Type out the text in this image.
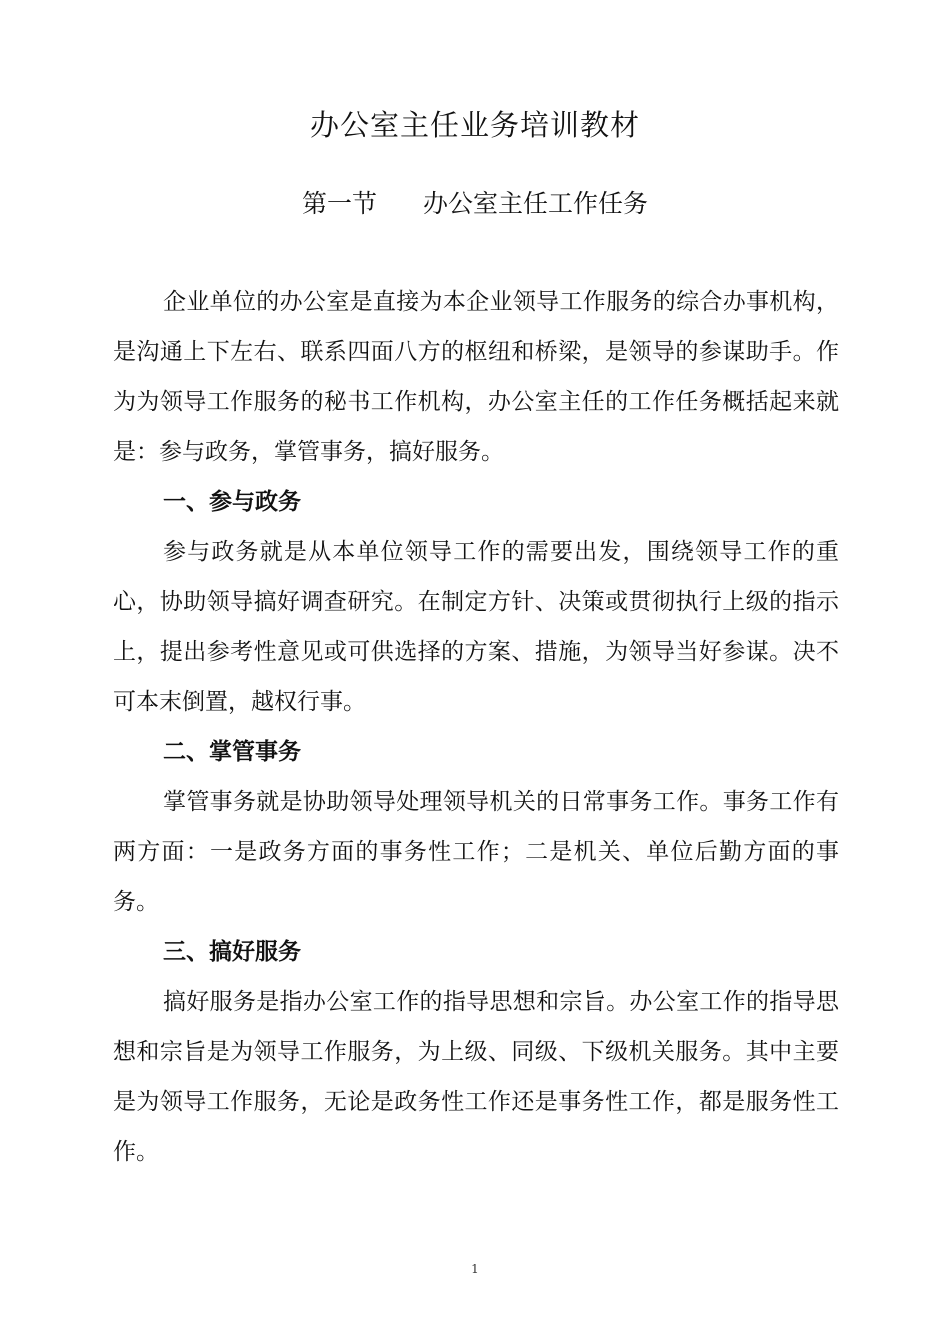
办公室主任业务培训教材
第一节 办公室主任工作任务

企业单位的办公室是直接为本企业领导工作服务的综合办事机构，是沟通上下左右、联系四面八方的枢纽和桥梁，是领导的参谋助手。作为为领导工作服务的秘书工作机构，办公室主任的工作任务概括起来就是：参与政务，掌管事务，搞好服务。

一、参与政务

参与政务就是从本单位领导工作的需要出发，围绕领导工作的重心，协助领导搞好调查研究。在制定方针、决策或贯彻执行上级的指示上，提出参考性意见或可供选择的方案、措施，为领导当好参谋。决不可本末倒置，越权行事。

二、掌管事务

掌管事务就是协助领导处理领导机关的日常事务工作。事务工作有两方面：一是政务方面的事务性工作；二是机关、单位后勤方面的事务。

三、搞好服务

搞好服务是指办公室工作的指导思想和宗旨。办公室工作的指导思想和宗旨是为领导工作服务，为上级、同级、下级机关服务。其中主要是为领导工作服务，无论是政务性工作还是事务性工作，都是服务性工作。

1
